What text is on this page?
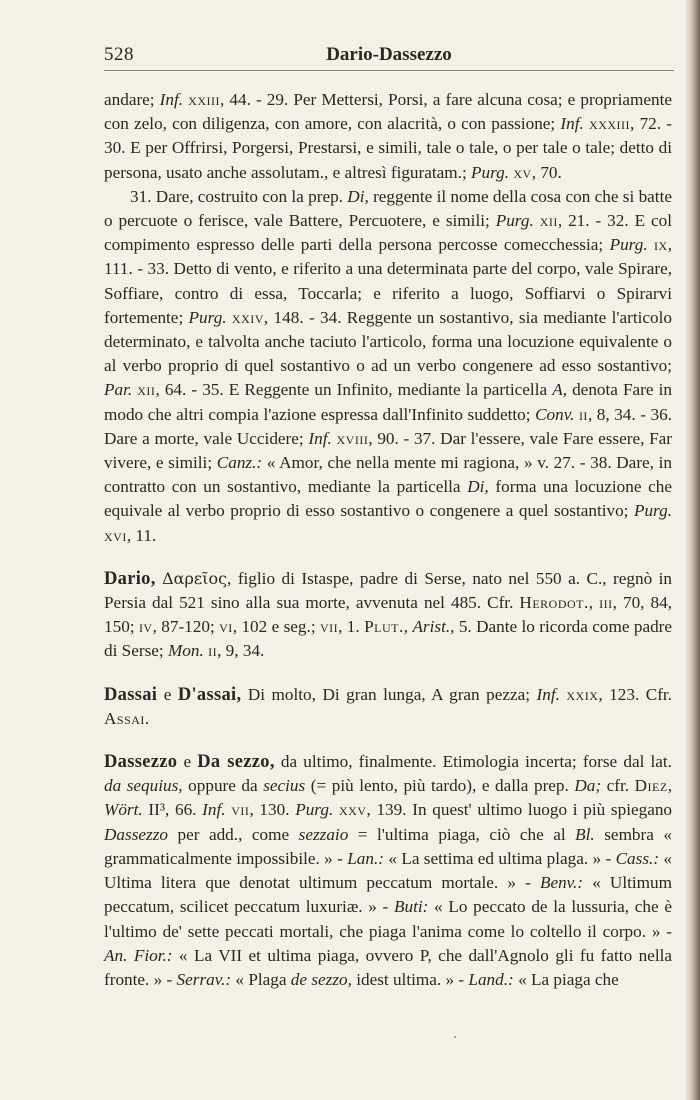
528	Dario-Dassezzo

andare; Inf. xxiii, 44. - 29. Per Mettersi, Porsi, a fare alcuna cosa; e propriamente con zelo, con diligenza, con amore, con alacrità, o con passione; Inf. xxxiii, 72. - 30. E per Offrirsi, Porgersi, Prestarsi, e simili, tale o tale, o per tale o tale; detto di persona, usato anche assolutam., e altresì figuratam.; Purg. xv, 70.

31. Dare, costruito con la prep. Di, reggente il nome della cosa con che si batte o percuote o ferisce, vale Battere, Percuotere, e simili; Purg. xii, 21. - 32. E col compimento espresso delle parti della persona percosse comecchessia; Purg. ix, 111. - 33. Detto di vento, e riferito a una determinata parte del corpo, vale Spirare, Soffiare, contro di essa, Toccarla; e riferito a luogo, Soffiarvi o Spirarvi fortemente; Purg. xxiv, 148. - 34. Reggente un sostantivo, sia mediante l'articolo determinato, e talvolta anche taciuto l'articolo, forma una locuzione equivalente o al verbo proprio di quel sostantivo o ad un verbo congenere ad esso sostantivo; Par. xii, 64. - 35. E Reggente un Infinito, mediante la particella A, denota Fare in modo che altri compia l'azione espressa dall'Infinito suddetto; Conv. ii, 8, 34. - 36. Dare a morte, vale Uccidere; Inf. xviii, 90. - 37. Dar l'essere, vale Fare essere, Far vivere, e simili; Canz.: « Amor, che nella mente mi ragiona, » v. 27. - 38. Dare, in contratto con un sostantivo, mediante la particella Di, forma una locuzione che equivale al verbo proprio di esso sostantivo o congenere a quel sostantivo; Purg. xvi, 11.

Dario, Δαρεῖος, figlio di Istaspe, padre di Serse, nato nel 550 a. C., regnò in Persia dal 521 sino alla sua morte, avvenuta nel 485. Cfr. Herodot., iii, 70, 84, 150; iv, 87-120; vi, 102 e seg.; vii, 1. Plut., Arist., 5. Dante lo ricorda come padre di Serse; Mon. ii, 9, 34.

Dassai e D'assai, Di molto, Di gran lunga, A gran pezza; Inf. xxix, 123. Cfr. Assai.

Dassezzo e Da sezzo, da ultimo, finalmente. Etimologia incerta; forse dal lat. da sequius, oppure da secius (= più lento, più tardo), e dalla prep. Da; cfr. Diez, Wört. II³, 66. Inf. vii, 130. Purg. xxv, 139. In quest' ultimo luogo i più spiegano Dassezzo per add., come sezzaio = l'ultima piaga, ciò che al Bl. sembra « grammaticalmente impossibile. » - Lan.: « La settima ed ultima plaga. » - Cass.: « Ultima litera que denotat ultimum peccatum mortale. » - Benv.: « Ultimum peccatum, scilicet peccatum luxuriæ. » - Buti: « Lo peccato de la lussuria, che è l'ultimo de' sette peccati mortali, che piaga l'anima come lo coltello il corpo. » - An. Fior.: « La VII et ultima piaga, ovvero P, che dall'Agnolo gli fu fatto nella fronte. » - Serrav.: « Plaga de sezzo, idest ultima. » - Land.: « La piaga che
